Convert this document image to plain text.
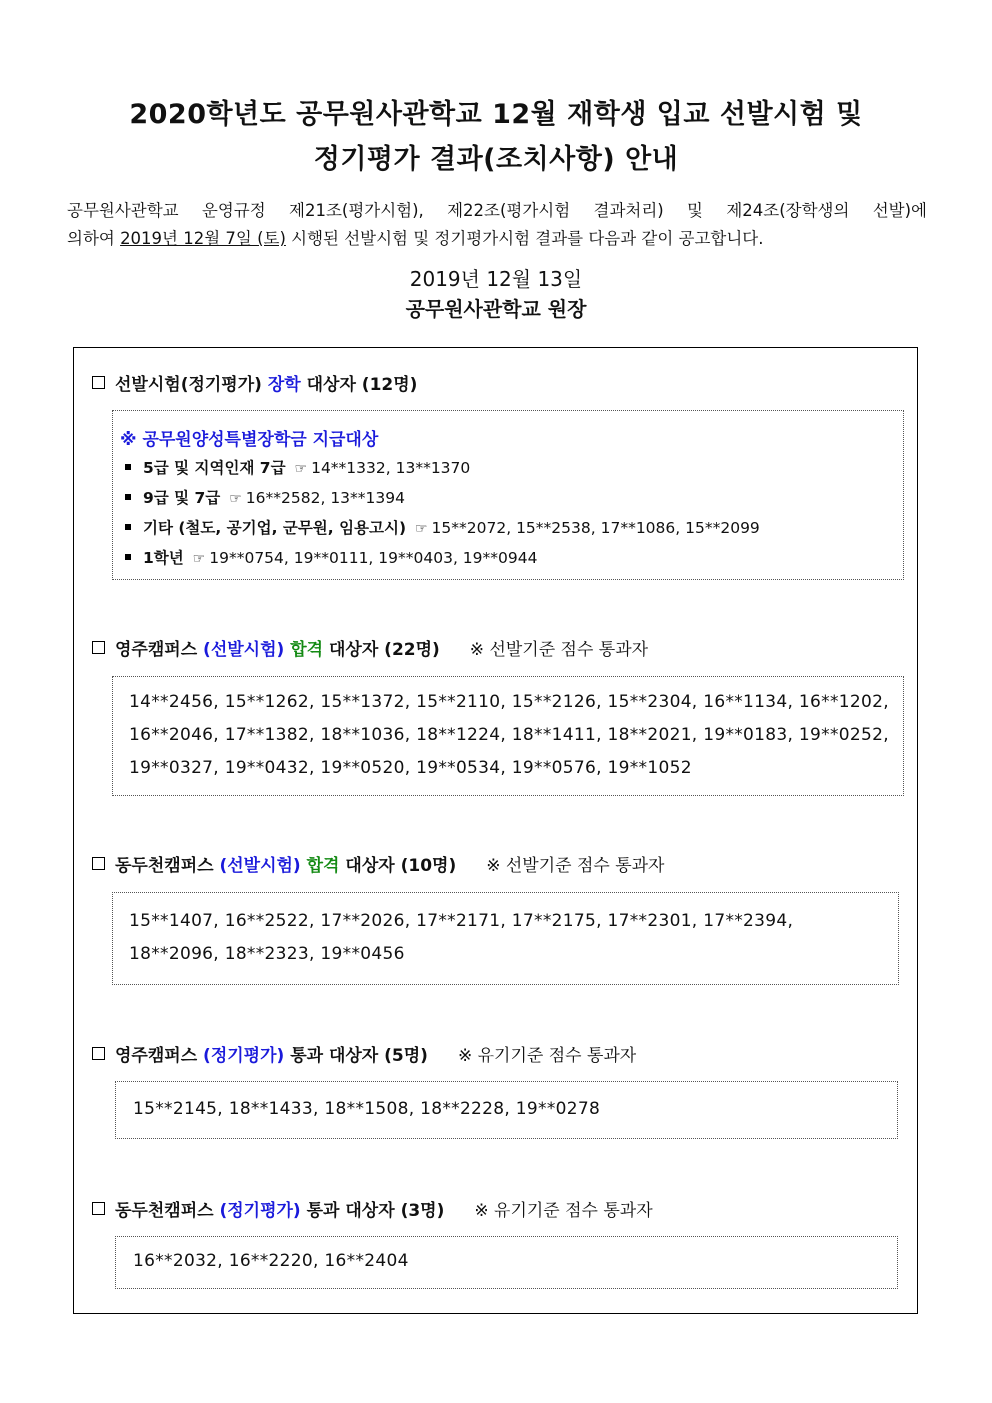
2020학년도 공무원사관학교 12월 재학생 입교 선발시험 및
정기평가 결과(조치사항) 안내
공무원사관학교 운영규정 제21조(평가시험), 제22조(평가시험 결과처리) 및 제24조(장학생의 선발)에
의하여 2019년 12월 7일 (토) 시행된 선발시험 및 정기평가시험 결과를 다음과 같이 공고합니다.
2019년 12월 13일
공무원사관학교 원장
선발시험(정기평가) 장학 대상자 (12명)
※ 공무원양성특별장학금 지급대상
5급 및 지역인재 7급 ☞ 14**1332, 13**1370
9급 및 7급 ☞ 16**2582, 13**1394
기타 (철도, 공기업, 군무원, 임용고시) ☞ 15**2072, 15**2538, 17**1086, 15**2099
1학년 ☞ 19**0754, 19**0111, 19**0403, 19**0944
영주캠퍼스 (선발시험) 합격 대상자 (22명) ※ 선발기준 점수 통과자
14**2456, 15**1262, 15**1372, 15**2110, 15**2126, 15**2304, 16**1134, 16**1202,
16**2046, 17**1382, 18**1036, 18**1224, 18**1411, 18**2021, 19**0183, 19**0252,
19**0327, 19**0432, 19**0520, 19**0534, 19**0576, 19**1052
동두천캠퍼스 (선발시험) 합격 대상자 (10명) ※ 선발기준 점수 통과자
15**1407, 16**2522, 17**2026, 17**2171, 17**2175, 17**2301, 17**2394,
18**2096, 18**2323, 19**0456
영주캠퍼스 (정기평가) 통과 대상자 (5명) ※ 유기기준 점수 통과자
15**2145, 18**1433, 18**1508, 18**2228, 19**0278
동두천캠퍼스 (정기평가) 통과 대상자 (3명) ※ 유기기준 점수 통과자
16**2032, 16**2220, 16**2404
